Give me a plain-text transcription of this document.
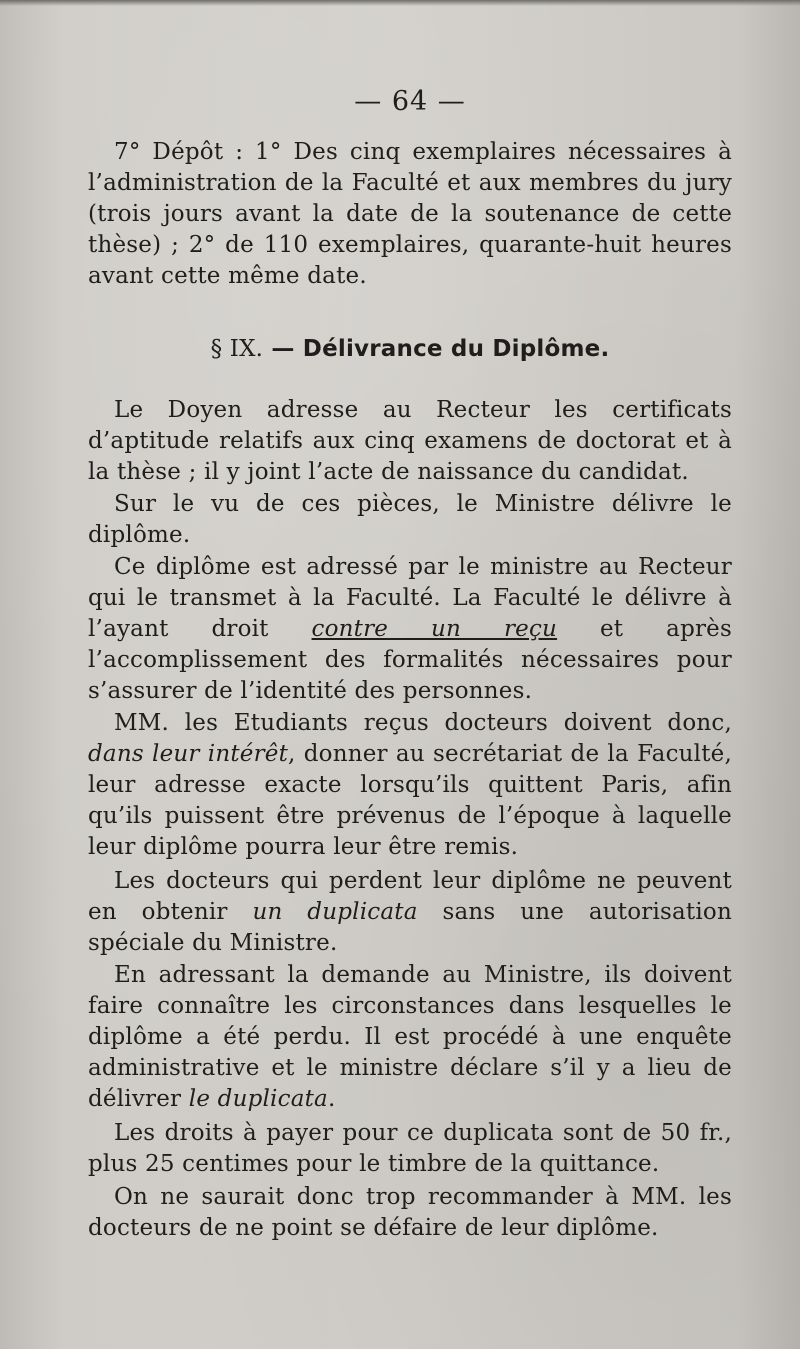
— 64 —

7° Dépôt : 1° Des cinq exemplaires nécessaires à l’administration de la Faculté et aux membres du jury (trois jours avant la date de la soutenance de cette thèse) ; 2° de 110 exemplaires, quarante-huit heures avant cette même date.

§ IX. — Délivrance du Diplôme.

Le Doyen adresse au Recteur les certificats d’aptitude relatifs aux cinq examens de doctorat et à la thèse ; il y joint l’acte de naissance du candidat.

Sur le vu de ces pièces, le Ministre délivre le diplôme.

Ce diplôme est adressé par le ministre au Recteur qui le transmet à la Faculté. La Faculté le délivre à l’ayant droit contre un reçu et après l’accomplissement des formalités nécessaires pour s’assurer de l’identité des personnes.

MM. les Etudiants reçus docteurs doivent donc, dans leur intérêt, donner au secrétariat de la Faculté, leur adresse exacte lorsqu’ils quittent Paris, afin qu’ils puissent être prévenus de l’époque à laquelle leur diplôme pourra leur être remis.

Les docteurs qui perdent leur diplôme ne peuvent en obtenir un duplicata sans une autorisation spéciale du Ministre.

En adressant la demande au Ministre, ils doivent faire connaître les circonstances dans lesquelles le diplôme a été perdu. Il est procédé à une enquête administrative et le ministre déclare s’il y a lieu de délivrer le duplicata.

Les droits à payer pour ce duplicata sont de 50 fr., plus 25 centimes pour le timbre de la quittance.

On ne saurait donc trop recommander à MM. les docteurs de ne point se défaire de leur diplôme.
